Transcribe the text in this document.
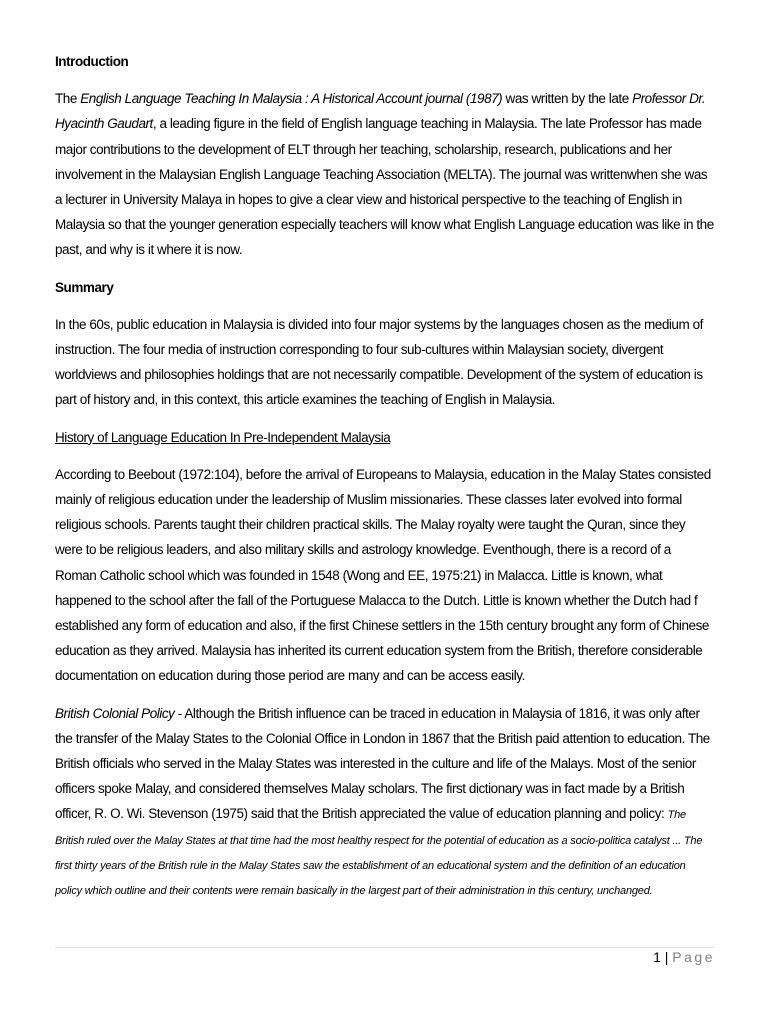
Introduction

The English Language Teaching In Malaysia : A Historical Account journal (1987) was written by the late Professor Dr. Hyacinth Gaudart, a leading figure in the field of English language teaching in Malaysia. The late Professor has made major contributions to the development of ELT through her teaching, scholarship, research, publications and her involvement in the Malaysian English Language Teaching Association (MELTA). The journal was writtenwhen she was a lecturer in University Malaya in hopes to give a clear view and historical perspective to the teaching of English in Malaysia so that the younger generation especially teachers will know what English Language education was like in the past, and why is it where it is now.

Summary

In the 60s, public education in Malaysia is divided into four major systems by the languages chosen as the medium of instruction. The four media of instruction corresponding to four sub-cultures within Malaysian society, divergent worldviews and philosophies holdings that are not necessarily compatible. Development of the system of education is part of history and, in this context, this article examines the teaching of English in Malaysia.

History of Language Education In Pre-Independent Malaysia

According to Beebout (1972:104), before the arrival of Europeans to Malaysia, education in the Malay States consisted mainly of religious education under the leadership of Muslim missionaries. These classes later evolved into formal religious schools. Parents taught their children practical skills. The Malay royalty were taught the Quran, since they were to be religious leaders, and also military skills and astrology knowledge. Eventhough, there is a record of a Roman Catholic school which was founded in 1548 (Wong and EE, 1975:21) in Malacca. Little is known, what happened to the school after the fall of the Portuguese Malacca to the Dutch. Little is known whether the Dutch had f established any form of education and also, if the first Chinese settlers in the 15th century brought any form of Chinese education as they arrived. Malaysia has inherited its current education system from the British, therefore considerable documentation on education during those period are many and can be access easily.

British Colonial Policy - Although the British influence can be traced in education in Malaysia of 1816, it was only after the transfer of the Malay States to the Colonial Office in London in 1867 that the British paid attention to education. The British officials who served in the Malay States was interested in the culture and life of the Malays. Most of the senior officers spoke Malay, and considered themselves Malay scholars. The first dictionary was in fact made by a British officer, R. O. Wi. Stevenson (1975) said that the British appreciated the value of education planning and policy: The British ruled over the Malay States at that time had the most healthy respect for the potential of education as a socio-politica catalyst ... The first thirty years of the British rule in the Malay States saw the establishment of an educational system and the definition of an education policy which outline and their contents were remain basically in the largest part of their administration in this century, unchanged.

1 | Page
